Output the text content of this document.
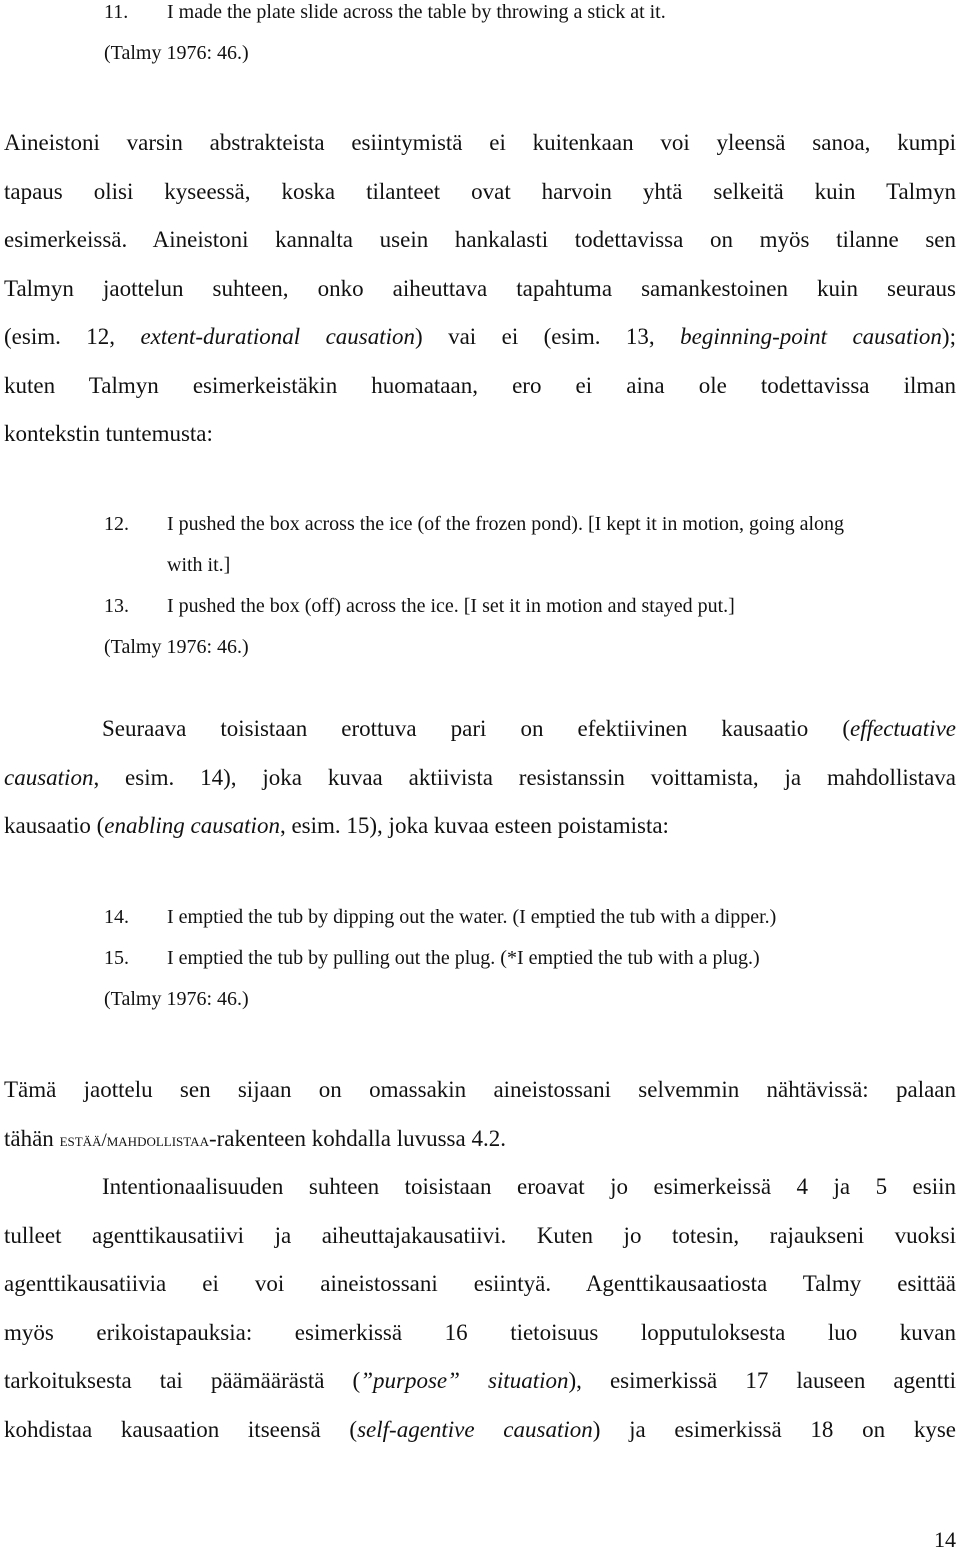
11. I made the plate slide across the table by throwing a stick at it.
(Talmy 1976: 46.)
Aineistoni varsin abstrakteista esiintymistä ei kuitenkaan voi yleensä sanoa, kumpi
tapaus olisi kyseessä, koska tilanteet ovat harvoin yhtä selkeitä kuin Talmyn
esimerkeissä. Aineistoni kannalta usein hankalasti todettavissa on myös tilanne sen
Talmyn jaottelun suhteen, onko aiheuttava tapahtuma samankestoinen kuin seuraus
(esim. 12, extent-durational causation) vai ei (esim. 13, beginning-point causation);
kuten Talmyn esimerkeistäkin huomataan, ero ei aina ole todettavissa ilman
kontekstin tuntemusta:
12. I pushed the box across the ice (of the frozen pond). [I kept it in motion, going along
with it.]
13. I pushed the box (off) across the ice. [I set it in motion and stayed put.]
(Talmy 1976: 46.)
Seuraava toisistaan erottuva pari on efektiivinen kausaatio (effectuative
causation, esim. 14), joka kuvaa aktiivista resistanssin voittamista, ja mahdollistava
kausaatio (enabling causation, esim. 15), joka kuvaa esteen poistamista:
14. I emptied the tub by dipping out the water. (I emptied the tub with a dipper.)
15. I emptied the tub by pulling out the plug. (*I emptied the tub with a plug.)
(Talmy 1976: 46.)
Tämä jaottelu sen sijaan on omassakin aineistossani selvemmin nähtävissä: palaan
tähän estää/mahdollistaa-rakenteen kohdalla luvussa 4.2.
Intentionaalisuuden suhteen toisistaan eroavat jo esimerkeissä 4 ja 5 esiin
tulleet agenttikausatiivi ja aiheuttajakausatiivi. Kuten jo totesin, rajaukseni vuoksi
agenttikausatiivia ei voi aineistossani esiintyä. Agenttikausaatiosta Talmy esittää
myös erikoistapauksia: esimerkissä 16 tietoisuus lopputuloksesta luo kuvan
tarkoituksesta tai päämäärästä (”purpose” situation), esimerkissä 17 lauseen agentti
kohdistaa kausaation itseensä (self-agentive causation) ja esimerkissä 18 on kyse
14
